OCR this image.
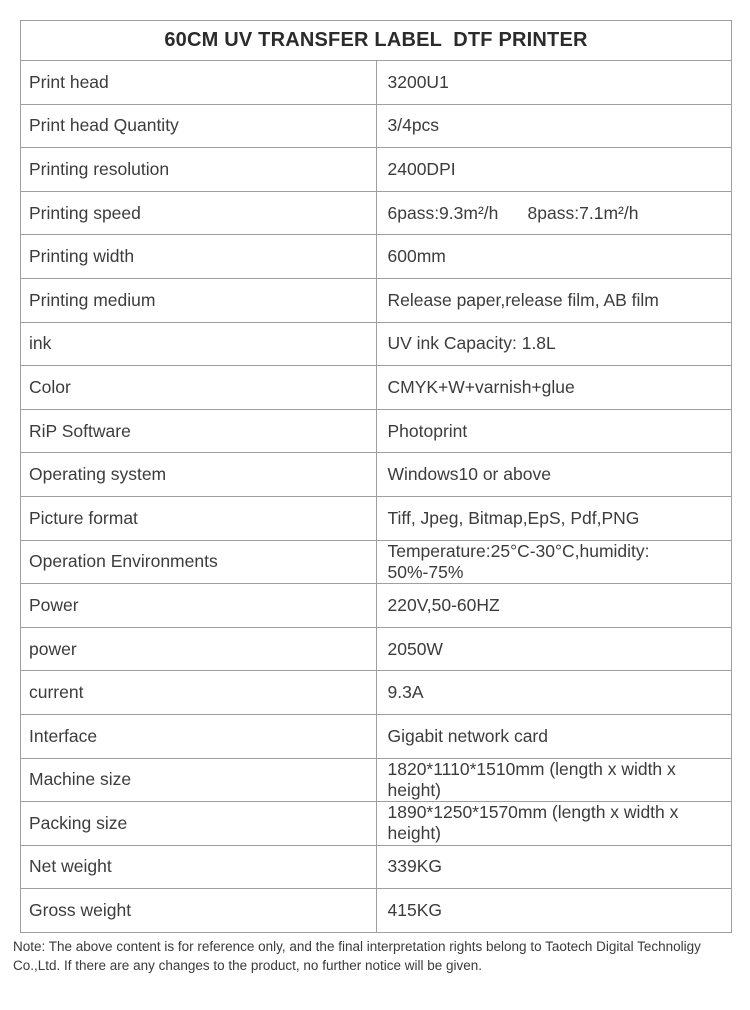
60CM UV TRANSFER LABEL  DTF PRINTER	
Print head	3200U1
Print head Quantity	3/4pcs
Printing resolution	2400DPI
Printing speed	6pass:9.3m²/h      8pass:7.1m²/h
Printing width	600mm
Printing medium	Release paper,release film, AB film
ink	UV ink Capacity: 1.8L
Color	CMYK+W+varnish+glue
RiP Software	Photoprint
Operating system	Windows10 or above
Picture format	Tiff, Jpeg, Bitmap,EpS, Pdf,PNG
Operation Environments	Temperature:25°C-30°C,humidity: 50%-75%
Power	220V,50-60HZ
power	2050W
current	9.3A
Interface	Gigabit network card
Machine size	1820*1110*1510mm (length x width x height)
Packing size	1890*1250*1570mm (length x width x height)
Net weight	339KG
Gross weight	415KG
Note: The above content is for reference only, and the final interpretation rights belong to Taotech Digital Technoligy Co.,Ltd. If there are any changes to the product, no further notice will be given.
